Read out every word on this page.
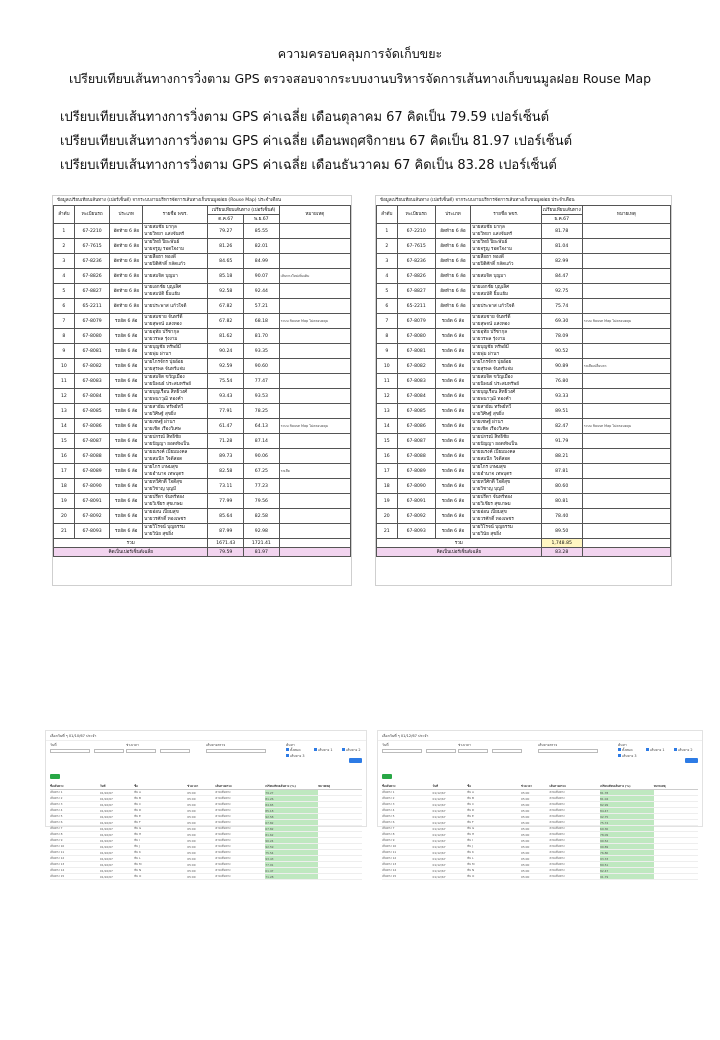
ความครอบคลุมการจัดเก็บขยะ
เปรียบเทียบเส้นทางการวิ่งตาม GPS ตรวจสอบจากระบบงานบริหารจัดการเส้นทางเก็บขนมูลฝอย Rouse Map
เปรียบเทียบเส้นทางการวิ่งตาม GPS ค่าเฉลี่ย เดือนตุลาคม 67 คิดเป็น 79.59 เปอร์เซ็นต์
เปรียบเทียบเส้นทางการวิ่งตาม GPS ค่าเฉลี่ย เดือนพฤศจิกายน 67 คิดเป็น 81.97 เปอร์เซ็นต์
เปรียบเทียบเส้นทางการวิ่งตาม GPS ค่าเฉลี่ย เดือนธันวาคม 67 คิดเป็น 83.28 เปอร์เซ็นต์
ข้อมูลเปรียบเทียบเส้นทาง (เปอร์เซ็นต์) จากระบบงานบริหารจัดการเส้นทางเก็บขนมูลฝอย (Rouse Map) ประจำเดือน
ลำดับ	ทะเบียนรถ	ประเภท	รายชื่อ พขร.	เปรียบเทียบเส้นทาง (เปอร์เซ็นต์)		หมายเหตุ
				ต.ค.67	พ.ย.67	
1	67-2210	อัดท้าย 6 ล้อ	นายสมชัย มากุล
นายวิทยา แสงจันทร์	79.27	85.55	
2	67-7615	อัดท้าย 6 ล้อ	นายวิทย์ ปิยะพันธ์
นายจรูญ รอดใจงาม	81.26	82.01	
3	67-8236	อัดท้าย 6 ล้อ	นายสือฮา ทองดี
นายปิติศักดิ์ กลัดแก้ว	84.65	84.99	
4	67-8826	อัดท้าย 6 ล้อ	นายสมจิต บุญมา	85.18	90.07	เส้นทางใหม่เพิ่มเติม
5	67-8827	อัดท้าย 6 ล้อ	นายเอกชัย บุญเลิศ
นายสมบัติ ยิ้มแย้ม	92.58	92.44	
6	65-2211	อัดท้าย 6 ล้อ	นายประพาส แก้วใจดี	67.82	57.21	
7	67-8079	รถอัด 6 ล้อ	นายสมชาย จันทร์ดี
นายสุพจน์ แสงทอง	67.82	68.18	ระบบ Rouse Map ไม่ครอบคลุม
8	67-8080	รถอัด 6 ล้อ	นายอุทัย ปรีชากุล
นายวรพล รุ่งงาม	81.62	81.70	
9	67-8081	รถอัด 6 ล้อ	นายบุญชัย ทรัพย์มี
นายพุ่ม ผ่านฯ	90.24	93.35	
10	67-8082	รถอัด 6 ล้อ	นายไกรจักร ปุยอ้อย
นายสุรพล จันทร์แจ่ม	92.59	90.60	
11	67-8083	รถอัด 6 ล้อ	นายสมจิต ขวัญเมือง
นายนิพนธ์ ประสมทรัพย์	75.54	77.47	
12	67-8084	รถอัด 6 ล้อ	นายบุญเรือน สิทธิวงศ์
นายพนาวุฒิ ทองคำ	93.43	93.53	
13	67-8085	รถอัด 6 ล้อ	นายสายัณ ทรัพย์ทวี
นายวิศิษฐ์ สุขยิ่ง	77.91	78.25	
14	67-8086	รถอัด 6 ล้อ	นายเชษฐ์ ผ่านฯ
นายเชิด เรืองวิเศษ	61.47	64.13	ระบบ Rouse Map ไม่ครอบคลุม
15	67-8087	รถอัด 6 ล้อ	นายปกรณ์ สิทธิชัย
นายปัญญา ยอดทัพเป็น	71.28	87.14	
16	67-8088	รถอัด 6 ล้อ	นายณรงค์ เปี่ยมมงคล
นายสมนึก ใจดีสอด	89.73	90.06	
17	67-8089	รถอัด 6 ล้อ	นายไกร เกษมสุข
นายอำนาจ เทพบุตร	82.58	67.25	รถเสีย
18	67-8090	รถอัด 6 ล้อ	นายทวีศักดิ์ ใจดีสุข
นายวิชาญ บุญมี	73.11	77.23	
19	67-8091	รถอัด 6 ล้อ	นายปรีดา จันทร์ทอง
นายวิเชียร สุขเกษม	77.99	79.56	
20	67-8092	รถอัด 6 ล้อ	นายอ่อน เปี่ยมสุข
นายวรศักดิ์ ทองเพชร	85.64	82.58	
21	67-8093	รถอัด 6 ล้อ	นายวิโรจน์ บุญธรรม
นายวินัย สุขยิ่ง	87.99	92.98	
รวม				1671.43	1721.41	
คิดเป็นเปอร์เซ็นต์เฉลี่ย				79.59	81.97	
ข้อมูลเปรียบเทียบเส้นทาง (เปอร์เซ็นต์) จากระบบงานบริหารจัดการเส้นทางเก็บขนมูลฝอย ประจำเดือน
ลำดับ	ทะเบียนรถ	ประเภท	รายชื่อ พขร.	เปรียบเทียบเส้นทาง	หมายเหตุ
				ธ.ค.67	
1	67-2210	อัดท้าย 6 ล้อ	นายสมชัย มากุล
นายวิทยา แสงจันทร์	81.78	
2	67-7615	อัดท้าย 6 ล้อ	นายวิทย์ ปิยะพันธ์
นายจรูญ รอดใจงาม	81.04	
3	67-8236	อัดท้าย 6 ล้อ	นายสือฮา ทองดี
นายปิติศักดิ์ กลัดแก้ว	82.99	
4	67-8826	อัดท้าย 6 ล้อ	นายสมจิต บุญมา	84.47	
5	67-8827	อัดท้าย 6 ล้อ	นายเอกชัย บุญเลิศ
นายสมบัติ ยิ้มแย้ม	92.75	
6	65-2211	อัดท้าย 6 ล้อ	นายประพาส แก้วใจดี	75.74	
7	67-8079	รถอัด 6 ล้อ	นายสมชาย จันทร์ดี
นายสุพจน์ แสงทอง	69.30	ระบบ Rouse Map ไม่ครอบคลุม
8	67-8080	รถอัด 6 ล้อ	นายอุทัย ปรีชากุล
นายวรพล รุ่งงาม	78.09	
9	67-8081	รถอัด 6 ล้อ	นายบุญชัย ทรัพย์มี
นายพุ่ม ผ่านฯ	90.52	
10	67-8082	รถอัด 6 ล้อ	นายไกรจักร ปุยอ้อย
นายสุรพล จันทร์แจ่ม	90.89	รถเสียเปลี่ยนรถ
11	67-8083	รถอัด 6 ล้อ	นายสมจิต ขวัญเมือง
นายนิพนธ์ ประสมทรัพย์	76.80	
12	67-8084	รถอัด 6 ล้อ	นายบุญเรือน สิทธิวงศ์
นายพนาวุฒิ ทองคำ	93.33	
13	67-8085	รถอัด 6 ล้อ	นายสายัณ ทรัพย์ทวี
นายวิศิษฐ์ สุขยิ่ง	89.51	
14	67-8086	รถอัด 6 ล้อ	นายเชษฐ์ ผ่านฯ
นายเชิด เรืองวิเศษ	82.47	ระบบ Rouse Map ไม่ครอบคลุม
15	67-8087	รถอัด 6 ล้อ	นายปกรณ์ สิทธิชัย
นายปัญญา ยอดทัพเป็น	91.79	
16	67-8088	รถอัด 6 ล้อ	นายณรงค์ เปี่ยมมงคล
นายสมนึก ใจดีสอด	88.21	
17	67-8089	รถอัด 6 ล้อ	นายไกร เกษมสุข
นายอำนาจ เทพบุตร	87.81	
18	67-8090	รถอัด 6 ล้อ	นายทวีศักดิ์ ใจดีสุข
นายวิชาญ บุญมี	80.60	
19	67-8091	รถอัด 6 ล้อ	นายปรีดา จันทร์ทอง
นายวิเชียร สุขเกษม	80.81	
20	67-8092	รถอัด 6 ล้อ	นายอ่อน เปี่ยมสุข
นายวรศักดิ์ ทองเพชร	78.40	
21	67-8093	รถอัด 6 ล้อ	นายวิโรจน์ บุญธรรม
นายวินัย สุขยิ่ง	89.50	
รวม				1,748.85	
คิดเป็นเปอร์เซ็นต์เฉลี่ย				83.28	
เลือกวันที่ ๆ 01/10/67 ประจำ
วันที่	ช่วงเวลา	เส้นทางตรวจ	ค้นหา
ทั้งหมด	เส้นทาง 1	เส้นทาง 2
เส้นทาง 3
ชื่อเส้นทาง	วันที่	ชื่อ	ช่วงเวลา	เส้นทางตรวจ	เปรียบเทียบเส้นทาง (%)	หมายเหตุ
เส้นทาง 1	01/10/67	ทีม A	05:00	ตามเส้นทาง	79.27	
เส้นทาง 2	01/10/67	ทีม B	05:00	ตามเส้นทาง	81.26	
เส้นทาง 3	01/10/67	ทีม C	05:00	ตามเส้นทาง	84.65	
เส้นทาง 4	01/10/67	ทีม D	05:00	ตามเส้นทาง	85.18	
เส้นทาง 5	01/10/67	ทีม E	05:00	ตามเส้นทาง	92.58	
เส้นทาง 6	01/10/67	ทีม F	05:00	ตามเส้นทาง	67.82	
เส้นทาง 7	01/10/67	ทีม G	05:00	ตามเส้นทาง	67.82	
เส้นทาง 8	01/10/67	ทีม H	05:00	ตามเส้นทาง	81.62	
เส้นทาง 9	01/10/67	ทีม I	05:00	ตามเส้นทาง	90.24	
เส้นทาง 10	01/10/67	ทีม J	05:00	ตามเส้นทาง	92.59	
เส้นทาง 11	01/10/67	ทีม K	05:00	ตามเส้นทาง	75.54	
เส้นทาง 12	01/10/67	ทีม L	05:00	ตามเส้นทาง	93.43	
เส้นทาง 13	01/10/67	ทีม M	05:00	ตามเส้นทาง	77.91	
เส้นทาง 14	01/10/67	ทีม N	05:00	ตามเส้นทาง	61.47	
เส้นทาง 15	01/10/67	ทีม O	05:00	ตามเส้นทาง	71.28	
เลือกวันที่ ๆ 01/12/67 ประจำ
วันที่	ช่วงเวลา	เส้นทางตรวจ	ค้นหา
ทั้งหมด	เส้นทาง 1	เส้นทาง 2
เส้นทาง 3
ชื่อเส้นทาง	วันที่	ชื่อ	ช่วงเวลา	เส้นทางตรวจ	เปรียบเทียบเส้นทาง (%)	หมายเหตุ
เส้นทาง 1	01/12/67	ทีม A	05:00	ตามเส้นทาง	81.78	
เส้นทาง 2	01/12/67	ทีม B	05:00	ตามเส้นทาง	81.04	
เส้นทาง 3	01/12/67	ทีม C	05:00	ตามเส้นทาง	82.99	
เส้นทาง 4	01/12/67	ทีม D	05:00	ตามเส้นทาง	84.47	
เส้นทาง 5	01/12/67	ทีม E	05:00	ตามเส้นทาง	92.75	
เส้นทาง 6	01/12/67	ทีม F	05:00	ตามเส้นทาง	75.74	
เส้นทาง 7	01/12/67	ทีม G	05:00	ตามเส้นทาง	69.30	
เส้นทาง 8	01/12/67	ทีม H	05:00	ตามเส้นทาง	78.09	
เส้นทาง 9	01/12/67	ทีม I	05:00	ตามเส้นทาง	90.52	
เส้นทาง 10	01/12/67	ทีม J	05:00	ตามเส้นทาง	90.89	
เส้นทาง 11	01/12/67	ทีม K	05:00	ตามเส้นทาง	76.80	
เส้นทาง 12	01/12/67	ทีม L	05:00	ตามเส้นทาง	93.33	
เส้นทาง 13	01/12/67	ทีม M	05:00	ตามเส้นทาง	89.51	
เส้นทาง 14	01/12/67	ทีม N	05:00	ตามเส้นทาง	82.47	
เส้นทาง 15	01/12/67	ทีม O	05:00	ตามเส้นทาง	91.79	
